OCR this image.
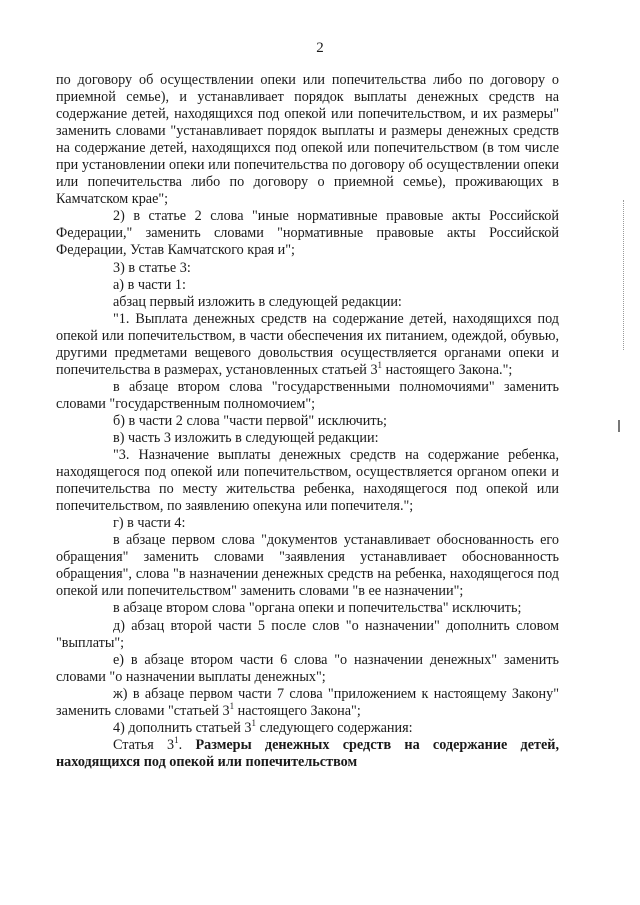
2

по договору об осуществлении опеки или попечительства либо по договору о приемной семье), и устанавливает порядок выплаты денежных средств на содержание детей, находящихся под опекой или попечительством, и их размеры" заменить словами "устанавливает порядок выплаты и размеры денежных средств на содержание детей, находящихся под опекой или попечительством (в том числе при установлении опеки или попечительства по договору об осуществлении опеки или попечительства либо по договору о приемной семье), проживающих в Камчатском крае";

2) в статье 2 слова "иные нормативные правовые акты Российской Федерации," заменить словами "нормативные правовые акты Российской Федерации, Устав Камчатского края и";

3) в статье 3:

а) в части 1:

абзац первый изложить в следующей редакции:

"1. Выплата денежных средств на содержание детей, находящихся под опекой или попечительством, в части обеспечения их питанием, одеждой, обувью, другими предметами вещевого довольствия осуществляется органами опеки и попечительства в размерах, установленных статьей $3^1$ настоящего Закона.";

в абзаце втором слова "государственными полномочиями" заменить словами "государственным полномочием";

б) в части 2 слова "части первой" исключить;

в) часть 3 изложить в следующей редакции:

"3. Назначение выплаты денежных средств на содержание ребенка, находящегося под опекой или попечительством, осуществляется органом опеки и попечительства по месту жительства ребенка, находящегося под опекой или попечительством, по заявлению опекуна или попечителя.";

г) в части 4:

в абзаце первом слова "документов устанавливает обоснованность его обращения" заменить словами "заявления устанавливает обоснованность обращения", слова "в назначении денежных средств на ребенка, находящегося под опекой или попечительством" заменить словами "в ее назначении";

в абзаце втором слова "органа опеки и попечительства" исключить;

д) абзац второй части 5 после слов "о назначении" дополнить словом "выплаты";

е) в абзаце втором части 6 слова "о назначении денежных" заменить словами "о назначении выплаты денежных";

ж) в абзаце первом части 7 слова "приложением к настоящему Закону" заменить словами "статьей $3^1$ настоящего Закона";

4) дополнить статьей $3^1$ следующего содержания:

Статья $3^1$. Размеры денежных средств на содержание детей, находящихся под опекой или попечительством
